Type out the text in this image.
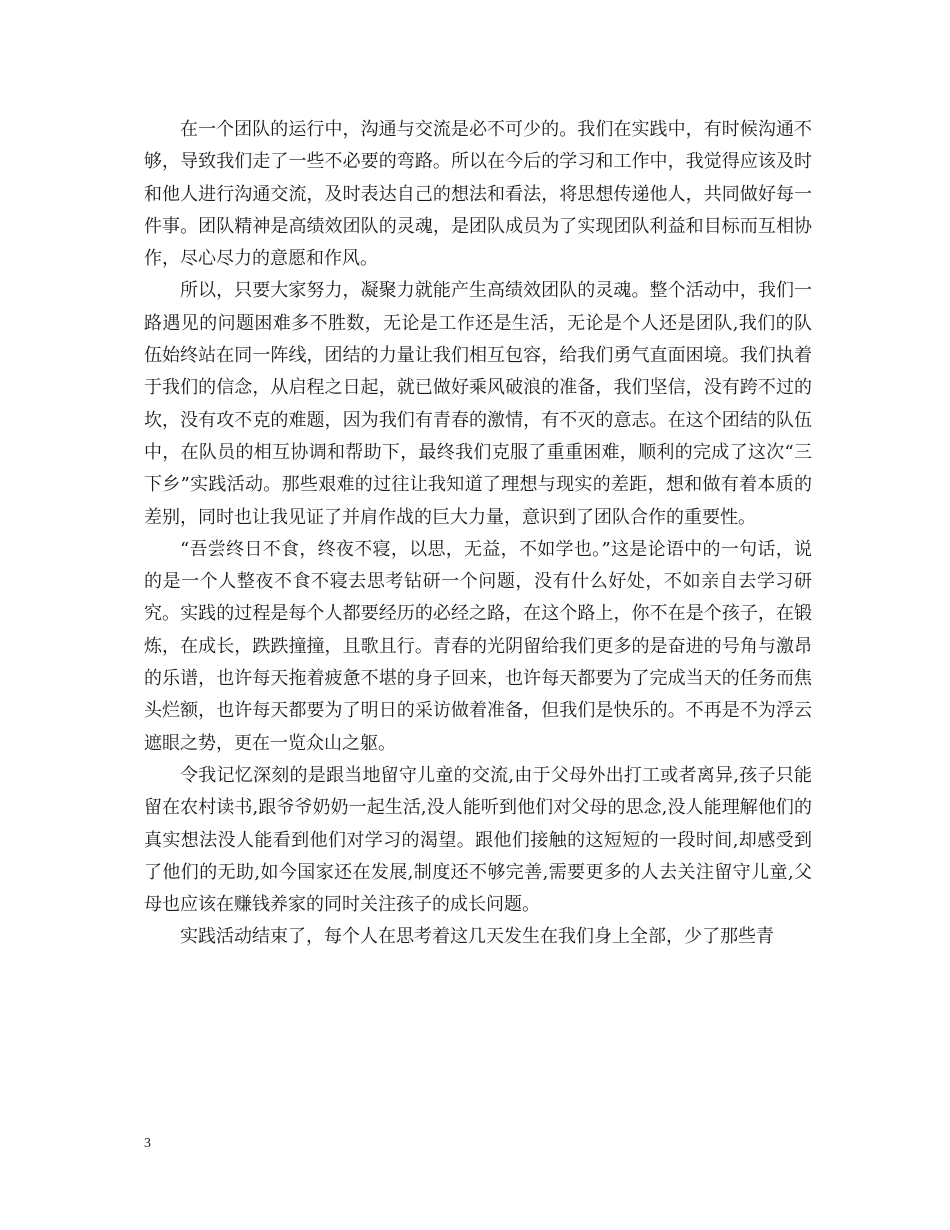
在一个团队的运行中，沟通与交流是必不可少的。我们在实践中，有时候沟通不够，导致我们走了一些不必要的弯路。所以在今后的学习和工作中，我觉得应该及时和他人进行沟通交流，及时表达自己的想法和看法，将思想传递他人，共同做好每一件事。团队精神是高绩效团队的灵魂，是团队成员为了实现团队利益和目标而互相协作，尽心尽力的意愿和作风。

所以，只要大家努力，凝聚力就能产生高绩效团队的灵魂。整个活动中，我们一路遇见的问题困难多不胜数，无论是工作还是生活，无论是个人还是团队,我们的队伍始终站在同一阵线，团结的力量让我们相互包容，给我们勇气直面困境。我们执着于我们的信念，从启程之日起，就已做好乘风破浪的准备，我们坚信，没有跨不过的坎，没有攻不克的难题，因为我们有青春的激情，有不灭的意志。在这个团结的队伍中，在队员的相互协调和帮助下，最终我们克服了重重困难，顺利的完成了这次“三下乡”实践活动。那些艰难的过往让我知道了理想与现实的差距，想和做有着本质的差别，同时也让我见证了并肩作战的巨大力量，意识到了团队合作的重要性。

“吾尝终日不食，终夜不寝，以思，无益，不如学也。”这是论语中的一句话，说的是一个人整夜不食不寝去思考钻研一个问题，没有什么好处，不如亲自去学习研究。实践的过程是每个人都要经历的必经之路，在这个路上，你不在是个孩子，在锻炼，在成长，跌跌撞撞，且歌且行。青春的光阴留给我们更多的是奋进的号角与激昂的乐谱，也许每天拖着疲惫不堪的身子回来，也许每天都要为了完成当天的任务而焦头烂额，也许每天都要为了明日的采访做着准备，但我们是快乐的。不再是不为浮云遮眼之势，更在一览众山之躯。

令我记忆深刻的是跟当地留守儿童的交流,由于父母外出打工或者离异,孩子只能留在农村读书,跟爷爷奶奶一起生活,没人能听到他们对父母的思念,没人能理解他们的真实想法没人能看到他们对学习的渴望。跟他们接触的这短短的一段时间,却感受到了他们的无助,如今国家还在发展,制度还不够完善,需要更多的人去关注留守儿童,父母也应该在赚钱养家的同时关注孩子的成长问题。

实践活动结束了，每个人在思考着这几天发生在我们身上全部，少了那些青

3
